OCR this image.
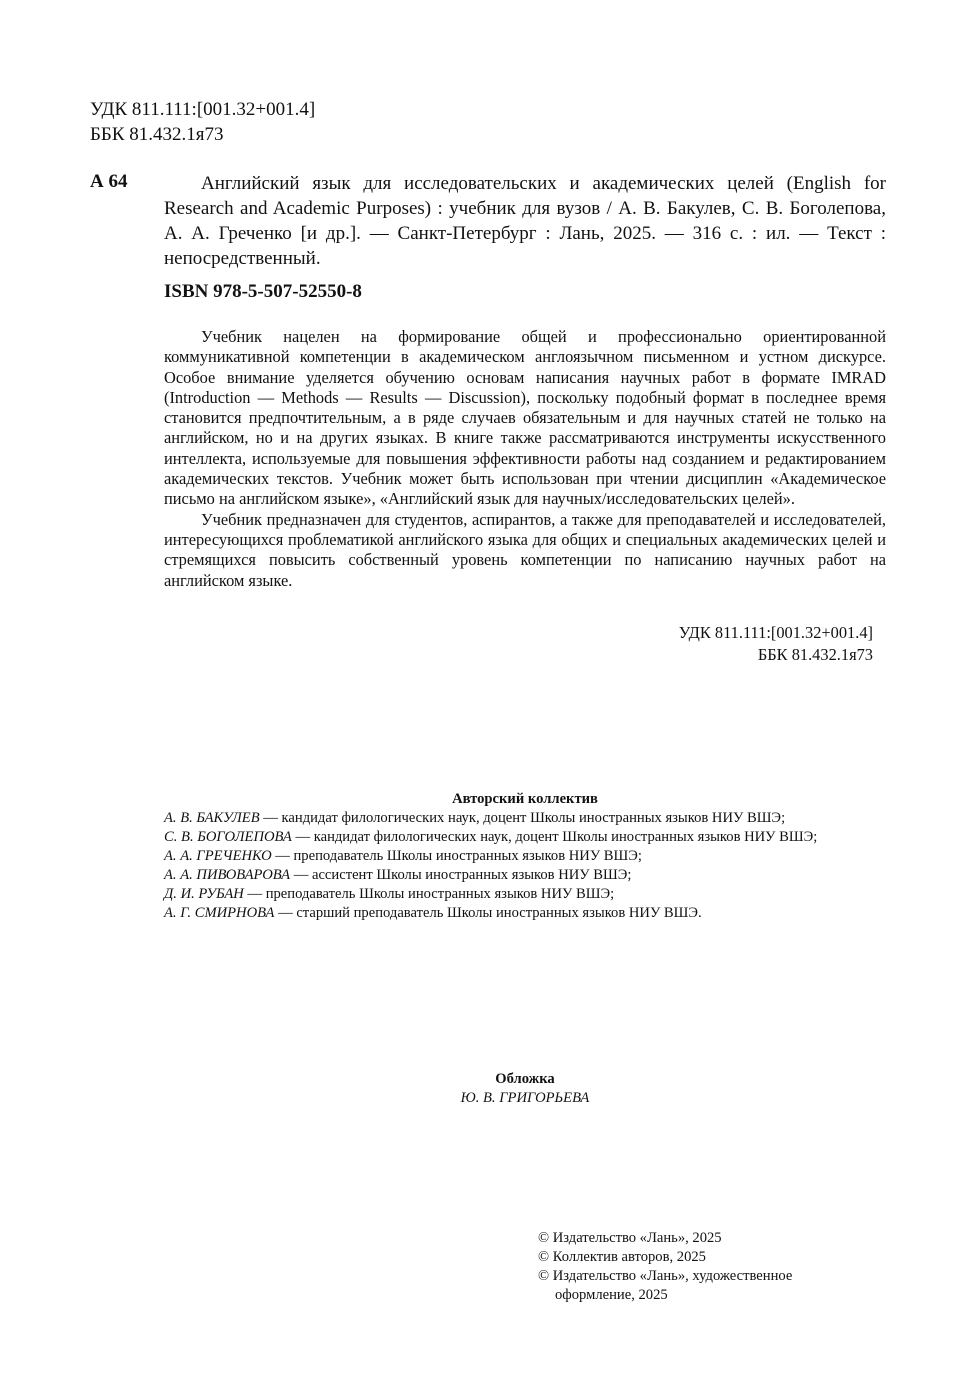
УДК 811.111:[001.32+001.4]
ББК 81.432.1я73
А 64	Английский язык для исследовательских и академических целей (English for Research and Academic Purposes) : учебник для вузов / А. В. Бакулев, С. В. Боголепова, А. А. Греченко [и др.]. — Санкт-Петербург : Лань, 2025. — 316 с. : ил. — Текст : непосредственный.
ISBN 978-5-507-52550-8

Учебник нацелен на формирование общей и профессионально ориентированной коммуникативной компетенции в академическом англоязычном письменном и устном дискурсе. Особое внимание уделяется обучению основам написания научных работ в формате IMRAD (Introduction — Methods — Results — Discussion), поскольку подобный формат в последнее время становится предпочтительным, а в ряде случаев обязательным и для научных статей не только на английском, но и на других языках. В книге также рассматриваются инструменты искусственного интеллекта, используемые для повышения эффективности работы над созданием и редактированием академических текстов. Учебник может быть использован при чтении дисциплин «Академическое письмо на английском языке», «Английский язык для научных/исследовательских целей».

Учебник предназначен для студентов, аспирантов, а также для преподавателей и исследователей, интересующихся проблематикой английского языка для общих и специальных академических целей и стремящихся повысить собственный уровень компетенции по написанию научных работ на английском языке.

УДК 811.111:[001.32+001.4]
ББК 81.432.1я73
Авторский коллектив
А. В. БАКУЛЕВ — кандидат филологических наук, доцент Школы иностранных языков НИУ ВШЭ;
С. В. БОГОЛЕПОВА — кандидат филологических наук, доцент Школы иностранных языков НИУ ВШЭ;
А. А. ГРЕЧЕНКО — преподаватель Школы иностранных языков НИУ ВШЭ;
А. А. ПИВОВАРОВА — ассистент Школы иностранных языков НИУ ВШЭ;
Д. И. РУБАН — преподаватель Школы иностранных языков НИУ ВШЭ;
А. Г. СМИРНОВА — старший преподаватель Школы иностранных языков НИУ ВШЭ.
Обложка
Ю. В. ГРИГОРЬЕВА
© Издательство «Лань», 2025
© Коллектив авторов, 2025
© Издательство «Лань», художественное
оформление, 2025
